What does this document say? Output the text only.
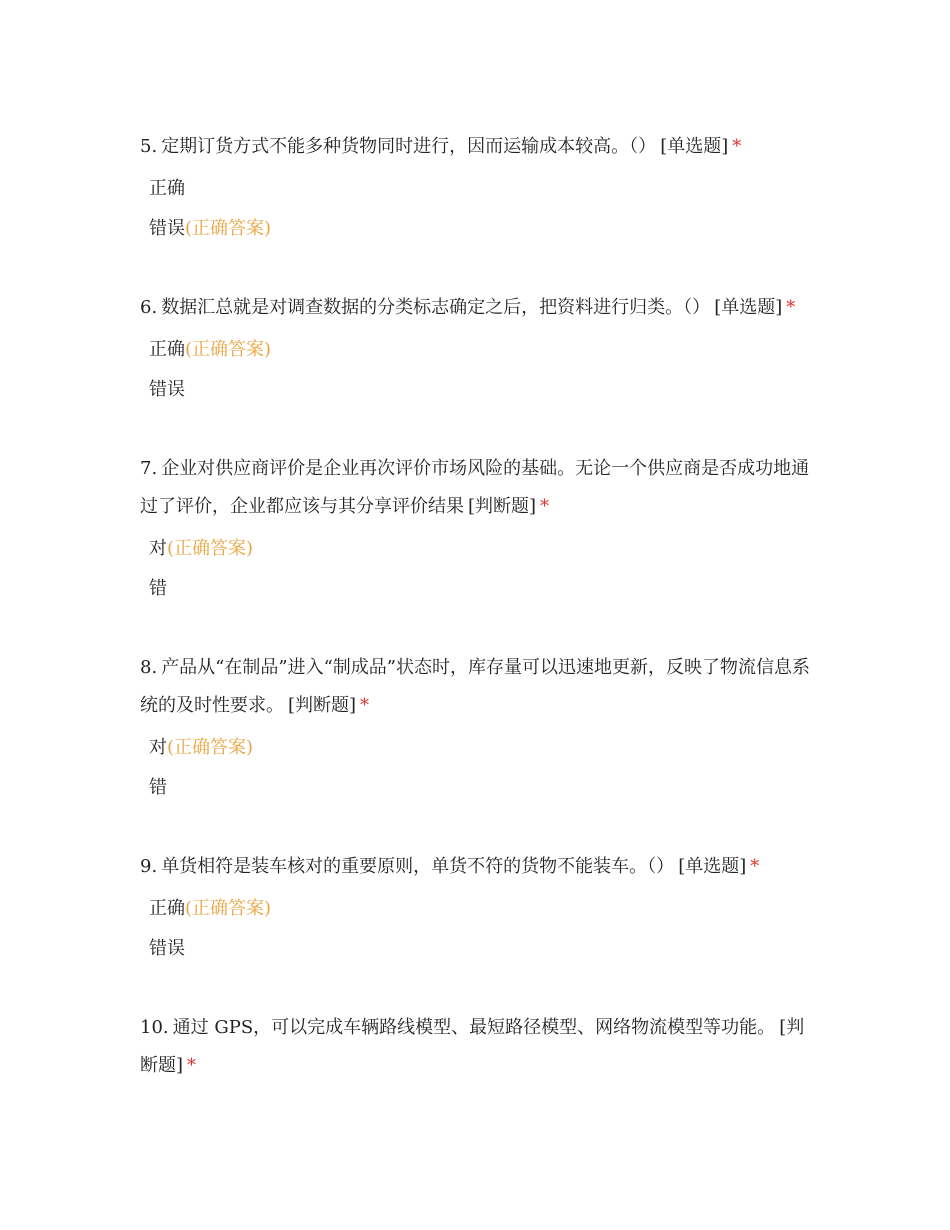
5. 定期订货方式不能多种货物同时进行，因而运输成本较高。（） [单选题] *

正确
错误(正确答案)

6. 数据汇总就是对调查数据的分类标志确定之后，把资料进行归类。（） [单选题] *

正确(正确答案)
错误

7. 企业对供应商评价是企业再次评价市场风险的基础。无论一个供应商是否成功地通过了评价，企业都应该与其分享评价结果 [判断题] *

对(正确答案)
错

8. 产品从“在制品”进入“制成品”状态时，库存量可以迅速地更新，反映了物流信息系统的及时性要求。 [判断题] *

对(正确答案)
错

9. 单货相符是装车核对的重要原则，单货不符的货物不能装车。（） [单选题] *

正确(正确答案)
错误

10. 通过 GPS，可以完成车辆路线模型、最短路径模型、网络物流模型等功能。 [判断题] *
